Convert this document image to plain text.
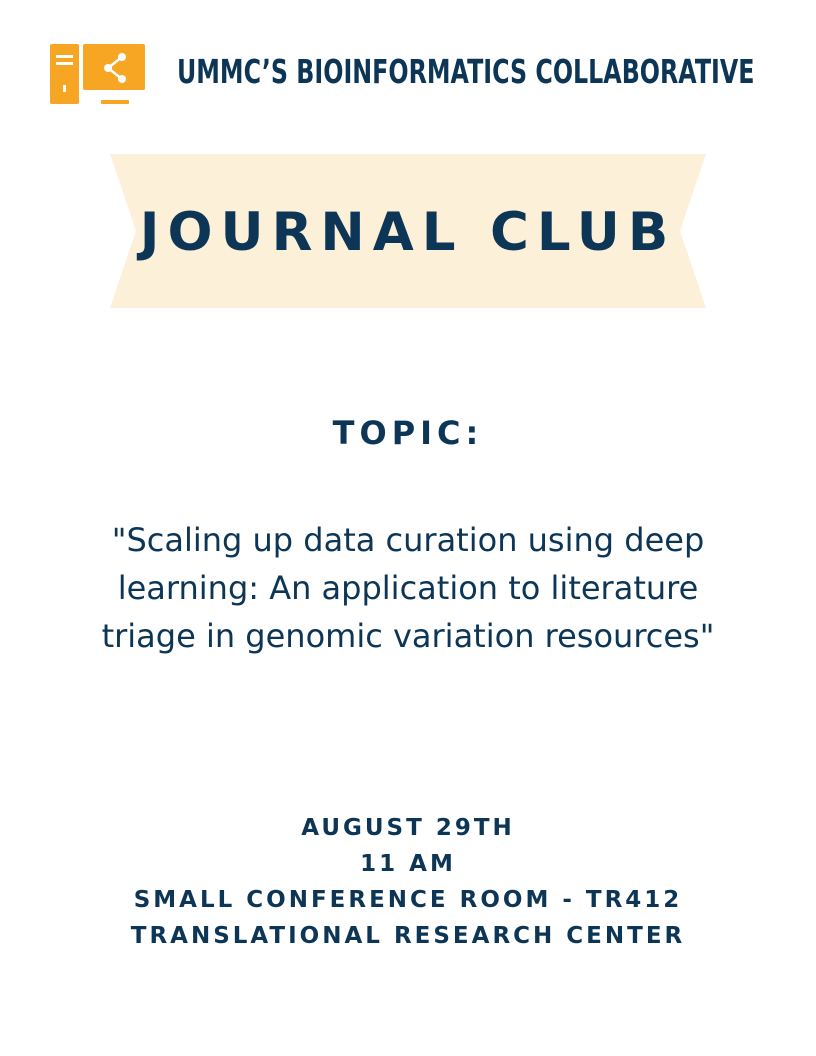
UMMC’S BIOINFORMATICS COLLABORATIVE
JOURNAL CLUB
TOPIC:
"Scaling up data curation using deep learning: An application to literature triage in genomic variation resources"
AUGUST 29TH
11 AM
SMALL CONFERENCE ROOM - TR412
TRANSLATIONAL RESEARCH CENTER
